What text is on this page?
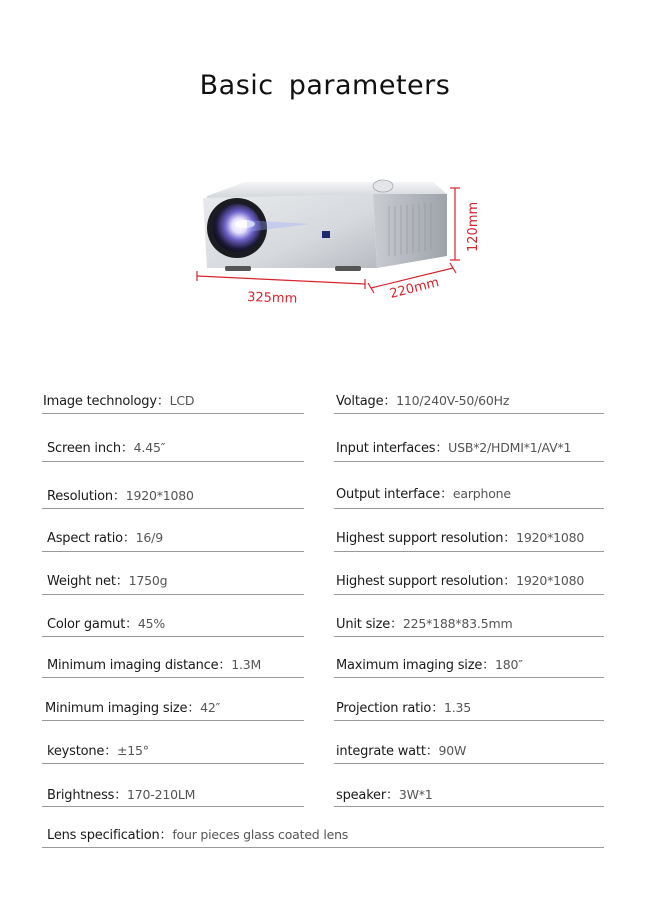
Basic parameters
325mm	220mm
120mm
Image technology：LCD	Voltage：110/240V-50/60Hz
Screen inch：4.45″	Input interfaces：USB*2/HDMI*1/AV*1
Resolution：1920*1080	Output interface：earphone
Aspect ratio：16/9	Highest support resolution：1920*1080
Weight net：1750g	Highest support resolution：1920*1080
Color gamut：45%	Unit size：225*188*83.5mm
Minimum imaging distance：1.3M	Maximum imaging size：180″
Minimum imaging size：42″	Projection ratio：1.35
keystone：±15°	integrate watt：90W
Brightness：170-210LM	speaker：3W*1
Lens specification：four pieces glass coated lens
